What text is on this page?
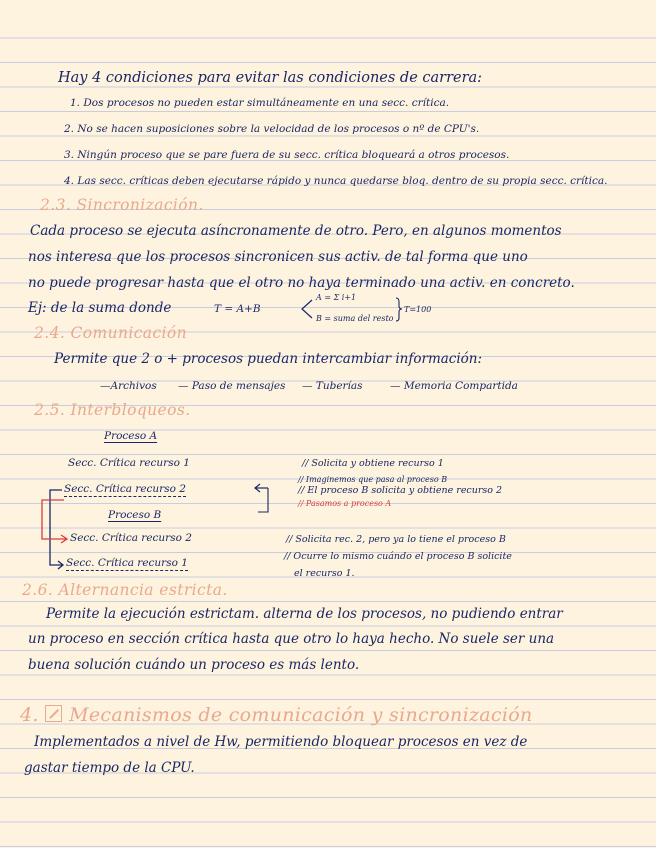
Hay 4 condiciones para evitar las condiciones de carrera:
1. Dos procesos no pueden estar simultáneamente en una secc. crítica.
2. No se hacen suposiciones sobre la velocidad de los procesos o nº de CPU's.
3. Ningún proceso que se pare fuera de su secc. crítica bloqueará a otros procesos.
4. Las secc. críticas deben ejecutarse rápido y nunca quedarse bloq. dentro de su propia secc. crítica.
2.3. Sincronización.
Cada proceso se ejecuta asíncronamente de otro. Pero, en algunos momentos
nos interesa que los procesos sincronicen sus activ. de tal forma que uno
no puede progresar hasta que el otro no haya terminado una activ. en concreto.
Ej: de la suma donde	T = A+B
A = Σ i+1
B = suma del resto
T=100
2.4. Comunicación
Permite que 2 o + procesos puedan intercambiar información:
—Archivos — Paso de mensajes — Tuberías	— Memoria Compartida
2.5. Interbloqueos.
Proceso A
Secc. Crítica recurso 1
Secc. Crítica recurso 2
Proceso B
Secc. Crítica recurso 2
Secc. Crítica recurso 1
// Solicita y obtiene recurso 1
// Imaginemos que pasa al proceso B
// El proceso B solicita y obtiene recurso 2
// Pasamos a proceso A
// Solicita rec. 2, pero ya lo tiene el proceso B
// Ocurre lo mismo cuándo el proceso B solicite
el recurso 1.
2.6. Alternancia estricta.
Permite la ejecución estrictam. alterna de los procesos, no pudiendo entrar
un proceso en sección crítica hasta que otro lo haya hecho. No suele ser una
buena solución cuándo un proceso es más lento.
4. Mecanismos de comunicación y sincronización
Implementados a nivel de Hw, permitiendo bloquear procesos en vez de
gastar tiempo de la CPU.
